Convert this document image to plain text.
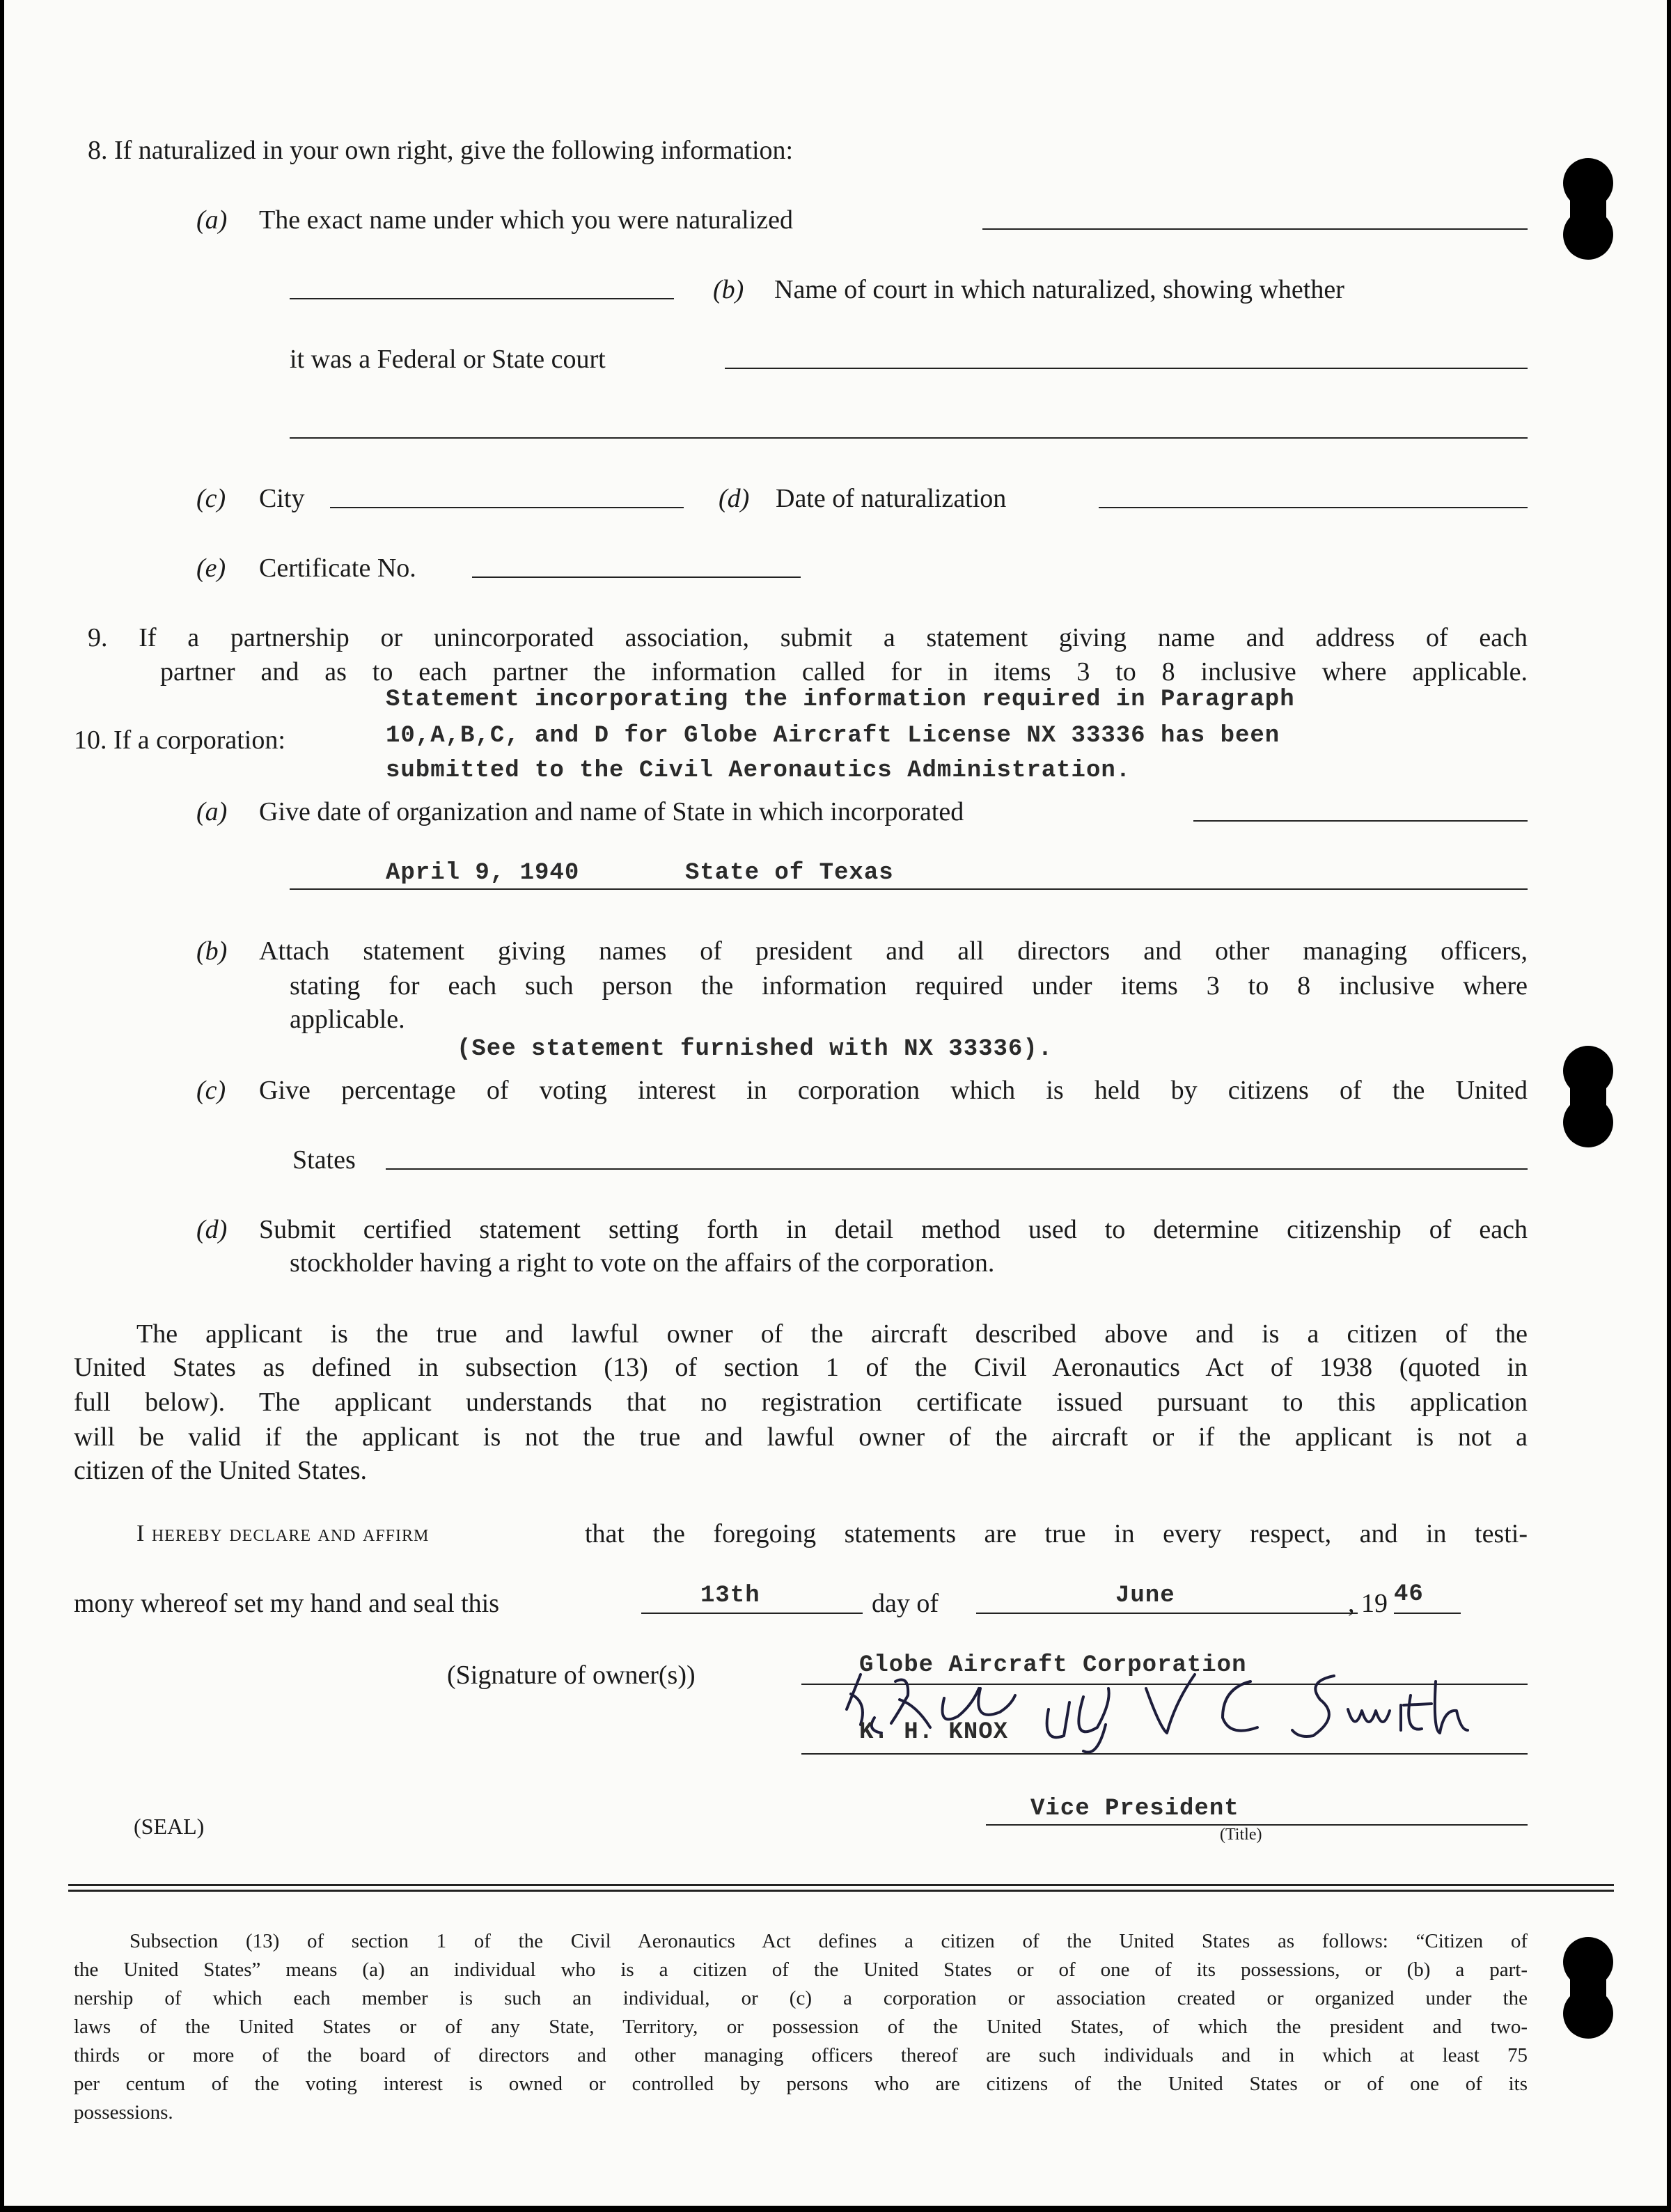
8. If naturalized in your own right, give the following information:
(a) The exact name under which you were naturalized
(b) Name of court in which naturalized, showing whether
it was a Federal or State court
(c) City	(d) Date of naturalization
(e) Certificate No.
9. If a partnership or unincorporated association, submit a statement giving name and address of each
partner and as to each partner the information called for in items 3 to 8 inclusive where applicable.
Statement incorporating the information required in Paragraph
10. If a corporation:	10,A,B,C, and D for Globe Aircraft License NX 33336 has been
submitted to the Civil Aeronautics Administration.
(a) Give date of organization and name of State in which incorporated
April 9, 1940	State of Texas
(b) Attach statement giving names of president and all directors and other managing officers,
stating for each such person the information required under items 3 to 8 inclusive where
applicable.
(See statement furnished with NX 33336).
(c) Give percentage of voting interest in corporation which is held by citizens of the United
States
(d) Submit certified statement setting forth in detail method used to determine citizenship of each
stockholder having a right to vote on the affairs of the corporation.
The applicant is the true and lawful owner of the aircraft described above and is a citizen of the
United States as defined in subsection (13) of section 1 of the Civil Aeronautics Act of 1938 (quoted in
full below). The applicant understands that no registration certificate issued pursuant to this application
will be valid if the applicant is not the true and lawful owner of the aircraft or if the applicant is not a
citizen of the United States.
I hereby declare and affirm	that the foregoing statements are true in every respect, and in testi-
mony whereof set my hand and seal this	13th	day of	June	, 19 46
(Signature of owner(s))	Globe Aircraft Corporation
K. H. KNOX
Vice President
(Title)
(SEAL)
Subsection (13) of section 1 of the Civil Aeronautics Act defines a citizen of the United States as follows: “Citizen of
the United States” means (a) an individual who is a citizen of the United States or of one of its possessions, or (b) a part-
nership of which each member is such an individual, or (c) a corporation or association created or organized under the
laws of the United States or of any State, Territory, or possession of the United States, of which the president and two-
thirds or more of the board of directors and other managing officers thereof are such individuals and in which at least 75
per centum of the voting interest is owned or controlled by persons who are citizens of the United States or of one of its
possessions.
